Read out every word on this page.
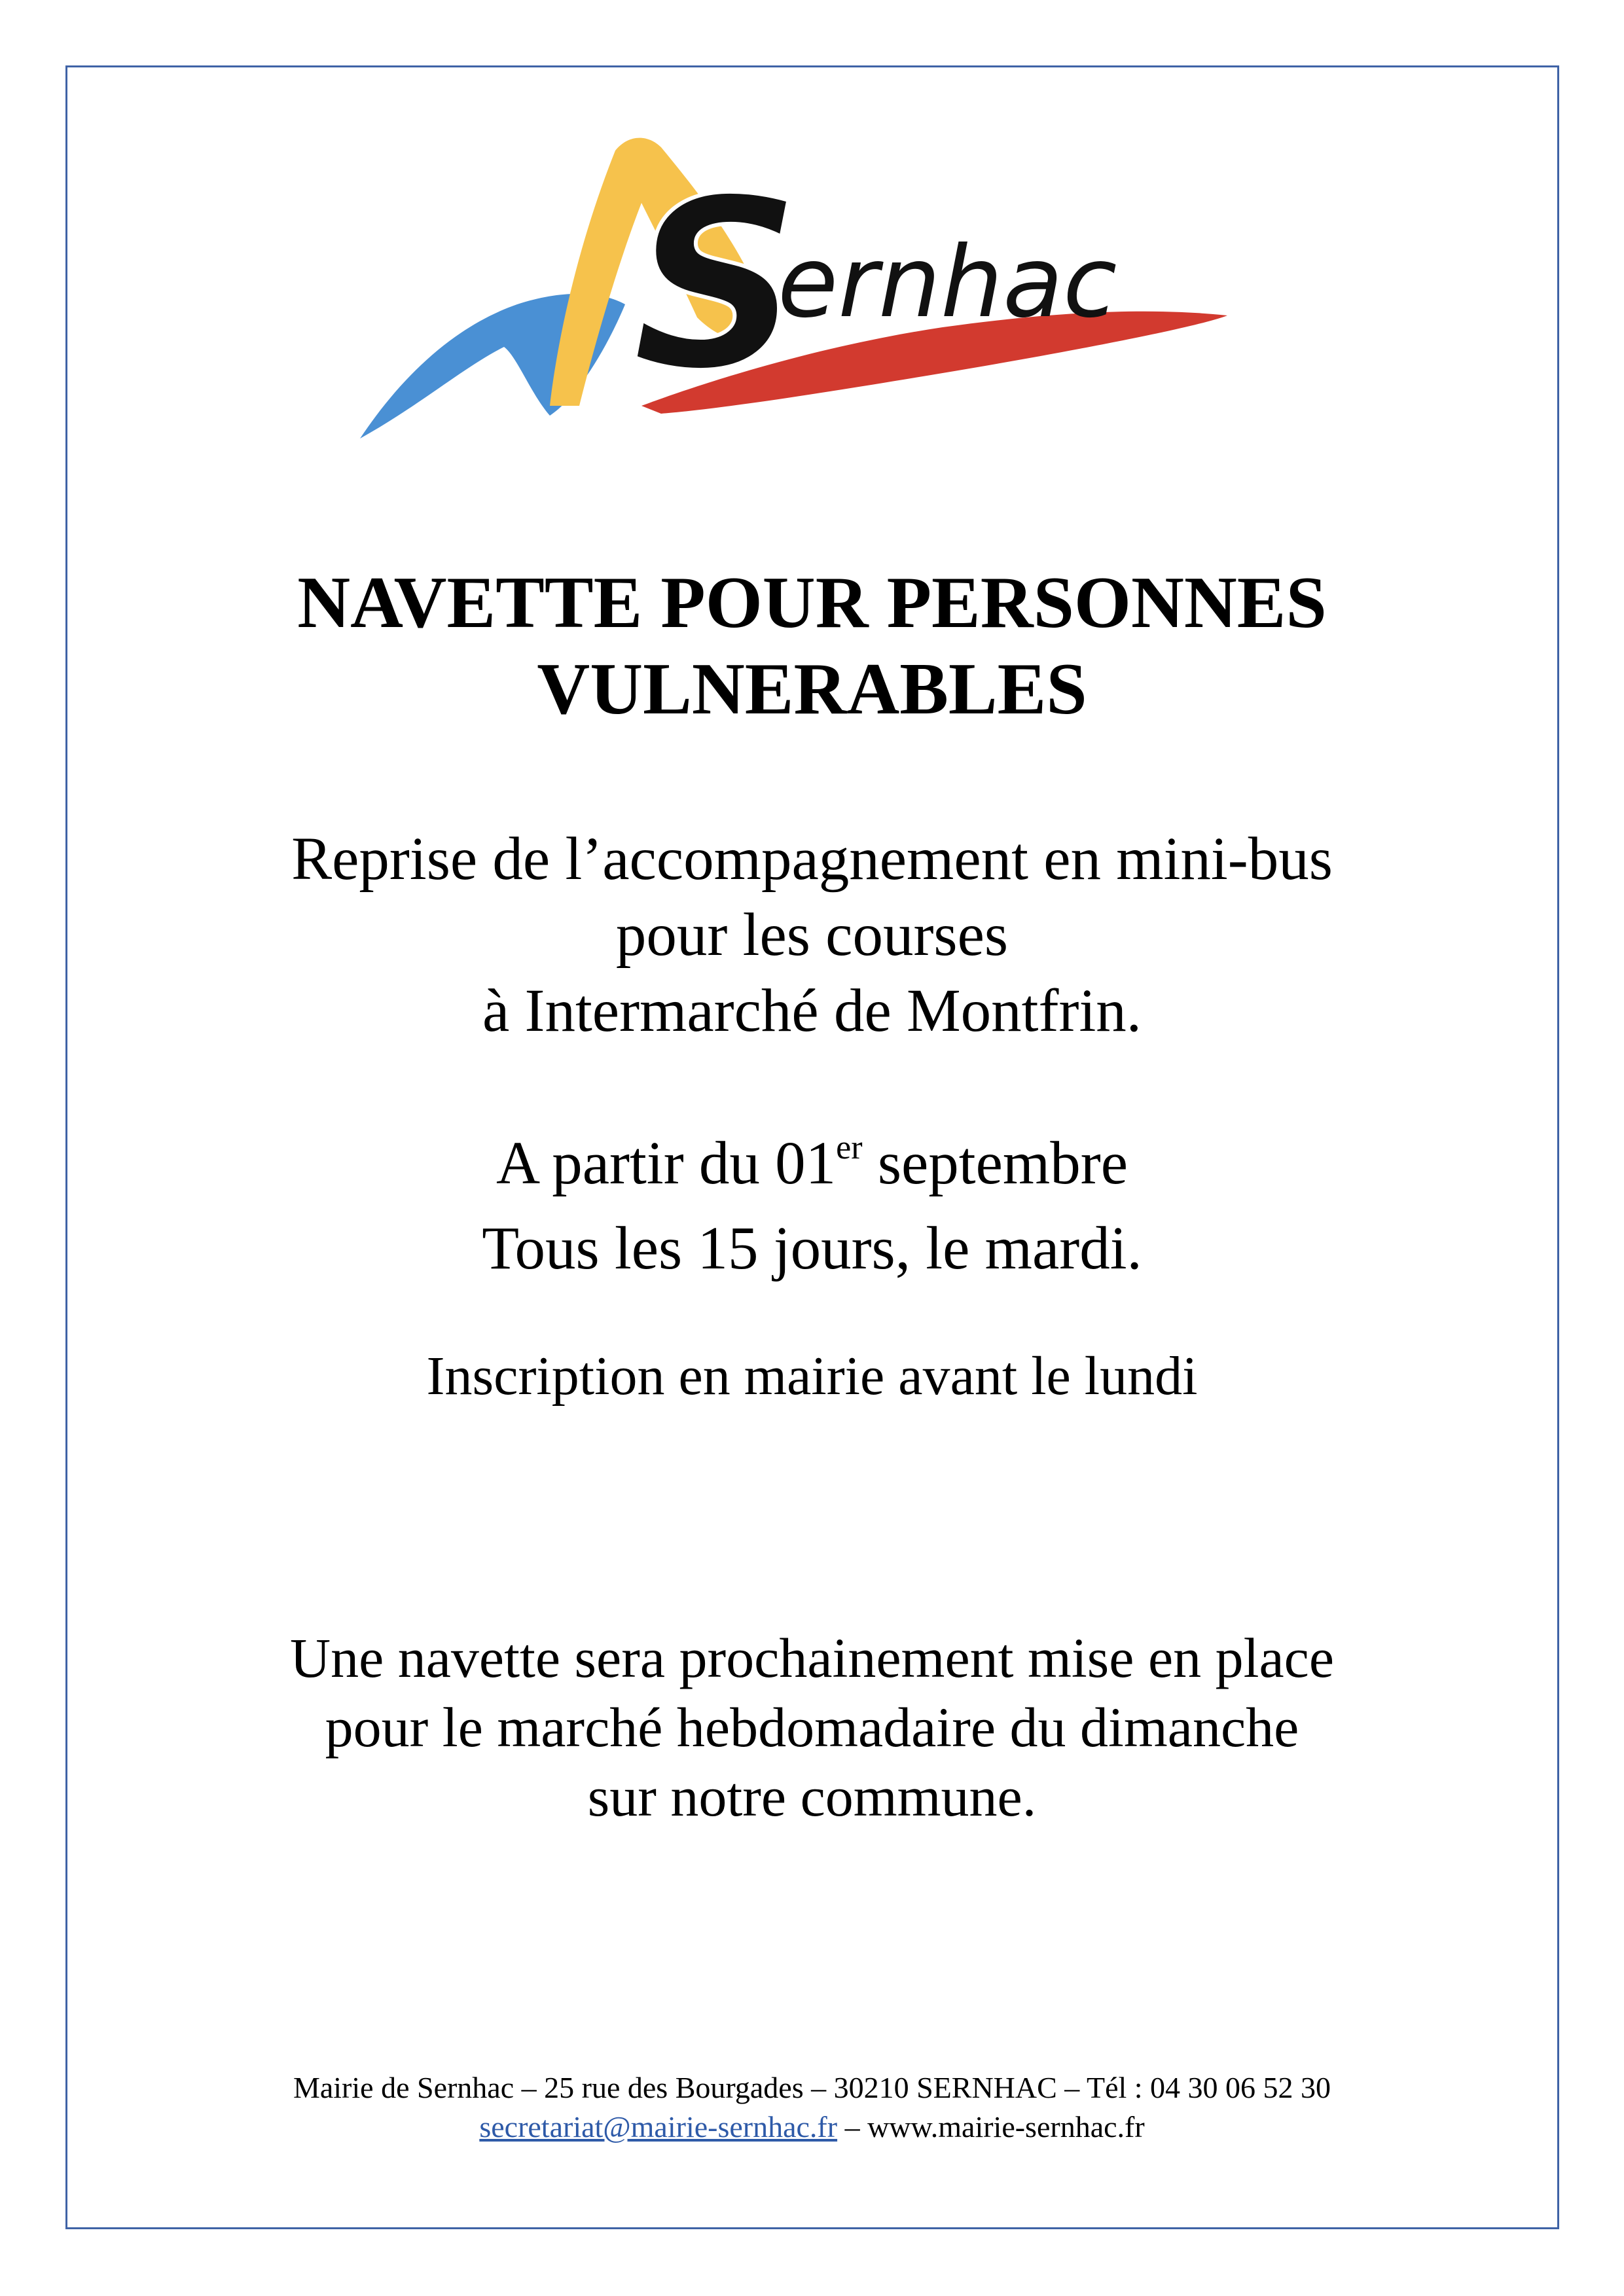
S
ernhac
NAVETTE POUR PERSONNES
VULNERABLES
Reprise de l’accompagnement en mini-bus
pour les courses
à Intermarché de Montfrin.
A partir du 01er septembre
Tous les 15 jours, le mardi.
Inscription en mairie avant le lundi
Une navette sera prochainement mise en place
pour le marché hebdomadaire du dimanche
sur notre commune.
Mairie de Sernhac – 25 rue des Bourgades – 30210 SERNHAC – Tél : 04 30 06 52 30
secretariat@mairie-sernhac.fr – www.mairie-sernhac.fr
